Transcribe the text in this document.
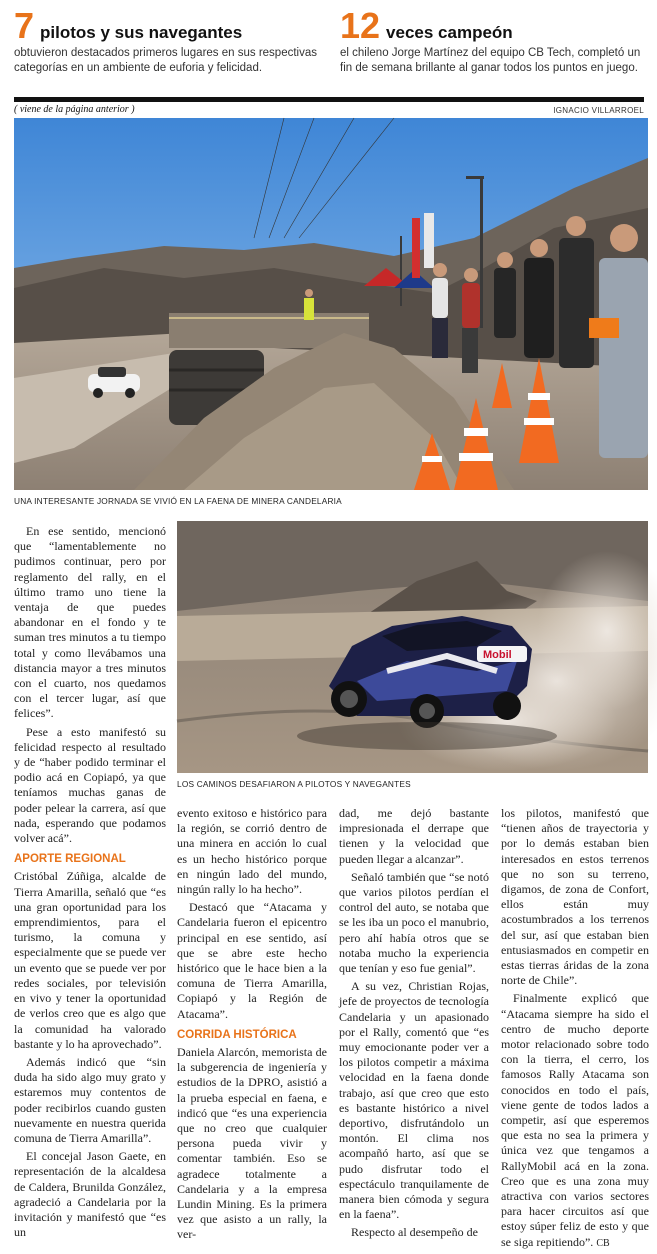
7 pilotos y sus navegantes
obtuvieron destacados primeros lugares en sus respectivas categorías en un ambiente de euforia y felicidad.
12 veces campeón
el chileno Jorge Martínez del equipo CB Tech, completó un fin de semana brillante al ganar todos los puntos en juego.
( viene de la página anterior )	IGNACIO VILLARROEL
UNA INTERESANTE JORNADA SE VIVIÓ EN LA FAENA DE MINERA CANDELARIA
Mobil
LOS CAMINOS DESAFIARON A PILOTOS Y NAVEGANTES

En ese sentido, mencionó que “lamentablemente no pudimos continuar, pero por reglamento del rally, en el último tramo uno tiene la ventaja de que puedes abandonar en el fondo y te suman tres minutos a tu tiempo total y como llevábamos una distancia mayor a tres minutos con el cuarto, nos quedamos con el tercer lugar, así que felices”.

Pese a esto manifestó su felicidad respecto al resultado y de “haber podido terminar el podio acá en Copiapó, ya que teníamos muchas ganas de poder pelear la carrera, así que nada, esperando que podamos volver acá”.

APORTE REGIONAL

Cristóbal Zúñiga, alcalde de Tierra Amarilla, señaló que “es una gran oportunidad para los emprendimientos, para el turismo, la comuna y especialmente que se puede ver un evento que se puede ver por redes sociales, por televisión en vivo y tener la oportunidad de verlos creo que es algo que la comunidad ha valorado bastante y lo ha aprovechado”.

Además indicó que “sin duda ha sido algo muy grato y estaremos muy contentos de poder recibirlos cuando gusten nuevamente en nuestra querida comuna de Tierra Amarilla”.

El concejal Jason Gaete, en representación de la alcaldesa de Caldera, Brunilda González, agradeció a Candelaria por la invitación y manifestó que “es un

evento exitoso e histórico para la región, se corrió dentro de una minera en acción lo cual es un hecho histórico porque en ningún lado del mundo, ningún rally lo ha hecho”.

Destacó que “Atacama y Candelaria fueron el epicentro principal en ese sentido, así que se abre este hecho histórico que le hace bien a la comuna de Tierra Amarilla, Copiapó y la Región de Atacama”.

CORRIDA HISTÓRICA

Daniela Alarcón, memorista de la subgerencia de ingeniería y estudios de la DPRO, asistió a la prueba especial en faena, e indicó que “es una experiencia que no creo que cualquier persona pueda vivir y comentar también. Eso se agradece totalmente a Candelaria y a la empresa Lundin Mining. Es la primera vez que asisto a un rally, la ver-

dad, me dejó bastante impresionada el derrape que tienen y la velocidad que pueden llegar a alcanzar”.

Señaló también que “se notó que varios pilotos perdían el control del auto, se notaba que se les iba un poco el manubrio, pero ahí había otros que se notaba mucho la experiencia que tenían y eso fue genial”.

A su vez, Christian Rojas, jefe de proyectos de tecnología Candelaria y un apasionado por el Rally, comentó que “es muy emocionante poder ver a los pilotos competir a máxima velocidad en la faena donde trabajo, así que creo que esto es bastante histórico a nivel deportivo, disfrutándolo un montón. El clima nos acompañó harto, así que se pudo disfrutar todo el espectáculo tranquilamente de manera bien cómoda y segura en la faena”.

Respecto al desempeño de

los pilotos, manifestó que “tienen años de trayectoria y por lo demás estaban bien interesados en estos terrenos que no son su terreno, digamos, de zona de Confort, ellos están muy acostumbrados a los terrenos del sur, así que estaban bien entusiasmados en competir en estas tierras áridas de la zona norte de Chile”.

Finalmente explicó que “Atacama siempre ha sido el centro de mucho deporte motor relacionado sobre todo con la tierra, el cerro, los famosos Rally Atacama son conocidos en todo el país, viene gente de todos lados a competir, así que esperemos que esta no sea la primera y única vez que tengamos a RallyMobil acá en la zona. Creo que es una zona muy atractiva con varios sectores para hacer circuitos así que estoy súper feliz de esto y que se siga repitiendo”. CB
